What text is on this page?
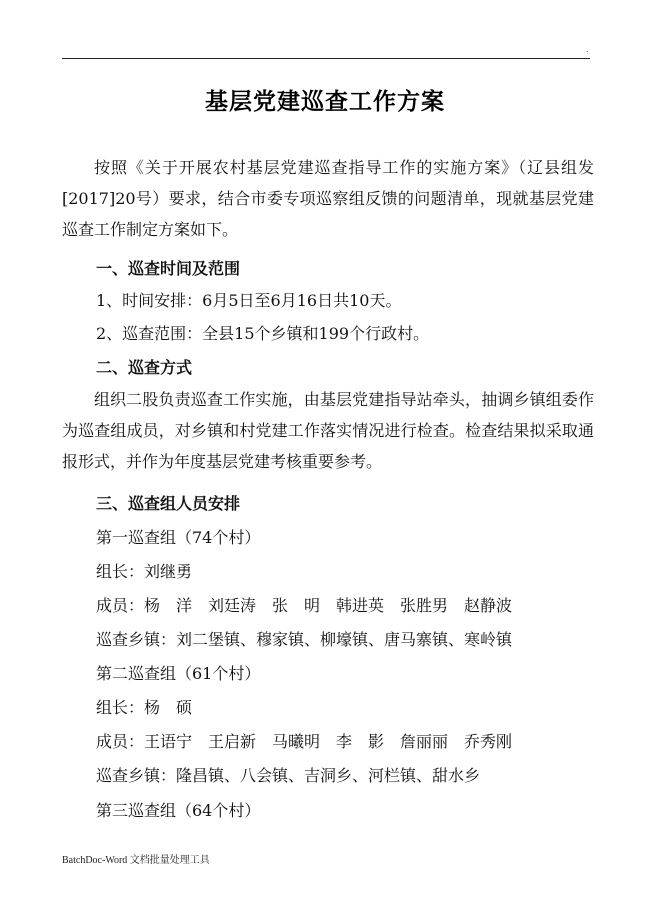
.
基层党建巡查工作方案

按照《关于开展农村基层党建巡查指导工作的实施方案》（辽县组发[2017]20号）要求，结合市委专项巡察组反馈的问题清单，现就基层党建巡查工作制定方案如下。

一、巡查时间及范围
1、时间安排：6月5日至6月16日共10天。
2、巡查范围：全县15个乡镇和199个行政村。
二、巡查方式

组织二股负责巡查工作实施，由基层党建指导站牵头，抽调乡镇组委作为巡查组成员，对乡镇和村党建工作落实情况进行检查。检查结果拟采取通报形式，并作为年度基层党建考核重要参考。

三、巡查组人员安排
第一巡查组（74个村）
组长：刘继勇
成员：杨　洋　刘廷涛　张　明　韩进英　张胜男　赵静波
巡查乡镇：刘二堡镇、穆家镇、柳壕镇、唐马寨镇、寒岭镇
第二巡查组（61个村）
组长：杨　硕
成员：王语宁　王启新　马曦明　李　影　詹丽丽　乔秀刚
巡查乡镇：隆昌镇、八会镇、吉洞乡、河栏镇、甜水乡
第三巡查组（64个村）
BatchDoc-Word 文档批量处理工具
